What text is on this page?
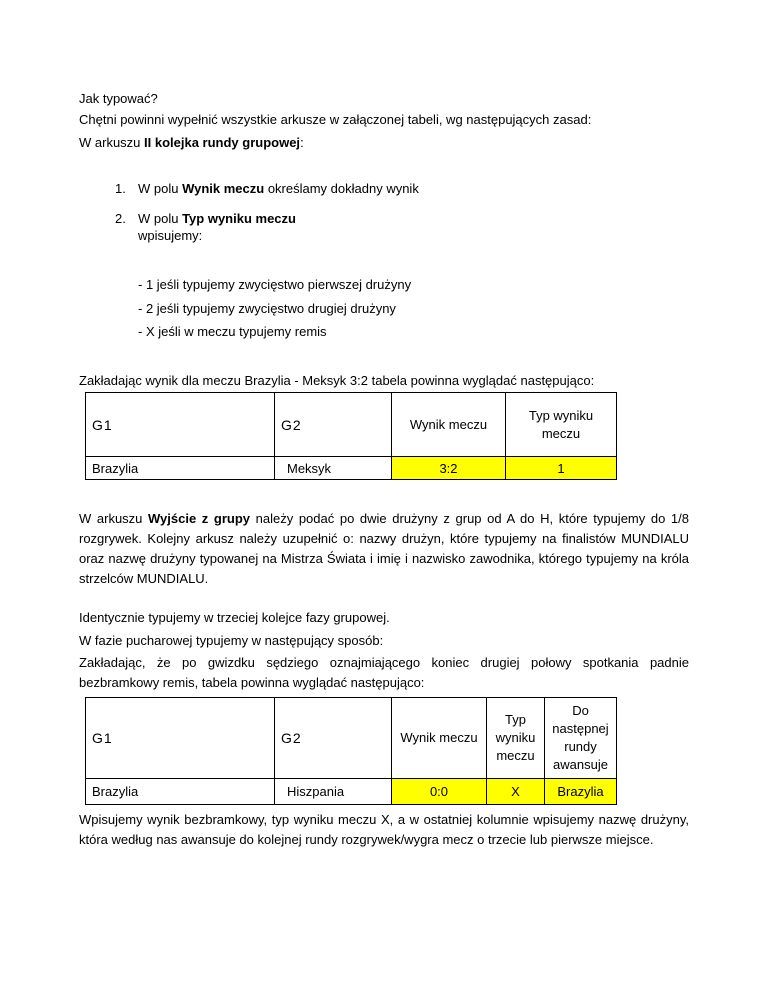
Jak typować?
Chętni powinni wypełnić wszystkie arkusze w załączonej tabeli, wg następujących zasad:
W arkuszu II kolejka rundy grupowej:
1. W polu Wynik meczu określamy dokładny wynik
2. W polu Typ wyniku meczu
wpisujemy:
- 1 jeśli typujemy zwycięstwo pierwszej drużyny
- 2 jeśli typujemy zwycięstwo drugiej drużyny
- X jeśli w meczu typujemy remis
Zakładając wynik dla meczu Brazylia - Meksyk 3:2 tabela powinna wyglądać następująco:
G1	G2	Wynik meczu	Typ wyniku meczu
Brazylia	Meksyk	3:2	1
W arkuszu Wyjście z grupy należy podać po dwie drużyny z grup od A do H, które typujemy do 1/8 rozgrywek. Kolejny arkusz należy uzupełnić o: nazwy drużyn, które typujemy na finalistów MUNDIALU oraz nazwę drużyny typowanej na Mistrza Świata i imię i nazwisko zawodnika, którego typujemy na króla strzelców MUNDIALU.
Identycznie typujemy w trzeciej kolejce fazy grupowej.
W fazie pucharowej typujemy w następujący sposób:
Zakładając, że po gwizdku sędziego oznajmiającego koniec drugiej połowy spotkania padnie bezbramkowy remis, tabela powinna wyglądać następująco:
G1	G2	Wynik meczu	Typ wyniku meczu	Do następnej rundy awansuje
Brazylia	Hiszpania	0:0	X	Brazylia
Wpisujemy wynik bezbramkowy, typ wyniku meczu X, a w ostatniej kolumnie wpisujemy nazwę drużyny, która według nas awansuje do kolejnej rundy rozgrywek/wygra mecz o trzecie lub pierwsze miejsce.
